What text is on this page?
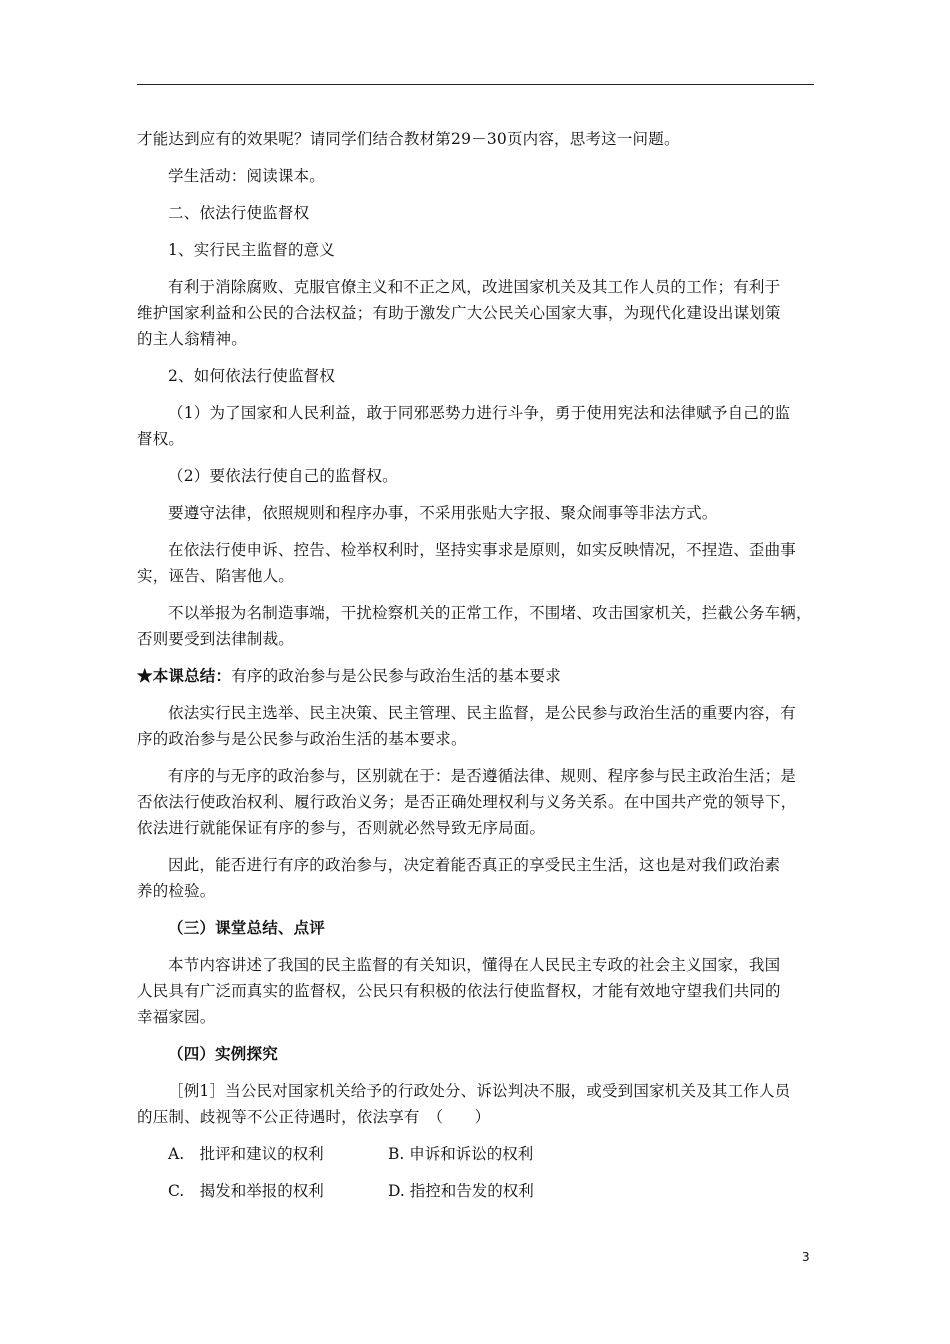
才能达到应有的效果呢？请同学们结合教材第29－30页内容，思考这一问题。
学生活动：阅读课本。
二、依法行使监督权
1、实行民主监督的意义
有利于消除腐败、克服官僚主义和不正之风，改进国家机关及其工作人员的工作；有利于
维护国家利益和公民的合法权益；有助于激发广大公民关心国家大事，为现代化建设出谋划策
的主人翁精神。
2、如何依法行使监督权
（1）为了国家和人民利益，敢于同邪恶势力进行斗争，勇于使用宪法和法律赋予自己的监
督权。
（2）要依法行使自己的监督权。
要遵守法律，依照规则和程序办事，不采用张贴大字报、聚众闹事等非法方式。
在依法行使申诉、控告、检举权利时，坚持实事求是原则，如实反映情况，不捏造、歪曲事
实，诬告、陷害他人。
不以举报为名制造事端，干扰检察机关的正常工作，不围堵、攻击国家机关，拦截公务车辆，
否则要受到法律制裁。
★本课总结：有序的政治参与是公民参与政治生活的基本要求
依法实行民主选举、民主决策、民主管理、民主监督，是公民参与政治生活的重要内容，有
序的政治参与是公民参与政治生活的基本要求。
有序的与无序的政治参与，区别就在于：是否遵循法律、规则、程序参与民主政治生活；是
否依法行使政治权利、履行政治义务；是否正确处理权利与义务关系。在中国共产党的领导下，
依法进行就能保证有序的参与，否则就必然导致无序局面。
因此，能否进行有序的政治参与，决定着能否真正的享受民主生活，这也是对我们政治素
养的检验。
（三）课堂总结、点评
本节内容讲述了我国的民主监督的有关知识，懂得在人民民主专政的社会主义国家，我国
人民具有广泛而真实的监督权，公民只有积极的依法行使监督权，才能有效地守望我们共同的
幸福家园。
（四）实例探究
［例1］当公民对国家机关给予的行政处分、诉讼判决不服，或受到国家机关及其工作人员
的压制、歧视等不公正待遇时，依法享有　（　　）
A.　批评和建议的权利	B. 申诉和诉讼的权利
C.　揭发和举报的权利	D. 指控和告发的权利
3
